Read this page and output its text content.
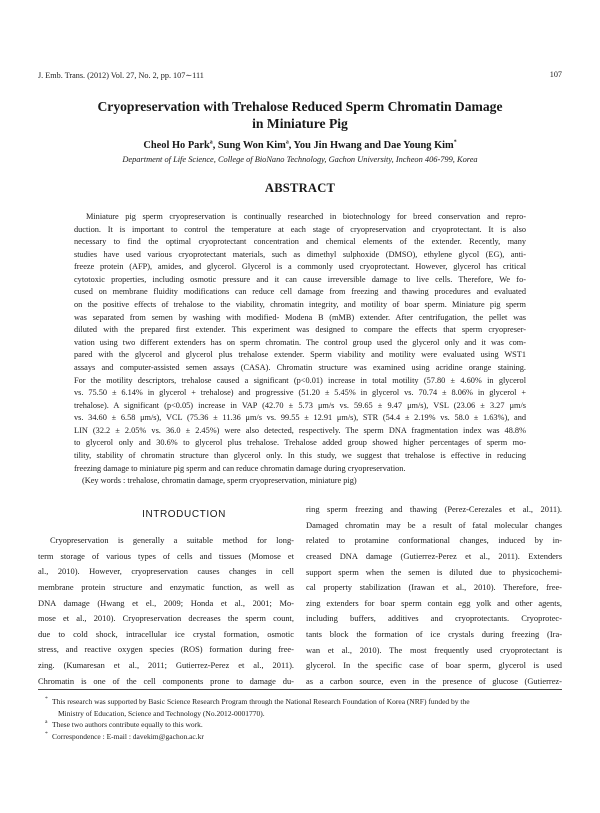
J. Emb. Trans. (2012) Vol. 27, No. 2, pp. 107∼111	107
Cryopreservation with Trehalose Reduced Sperm Chromatin Damage
in Miniature Pig
Cheol Ho Park$^a$, Sung Won Kim$^a$, You Jin Hwang and Dae Young Kim*
Department of Life Science, College of BioNano Technology, Gachon University, Incheon 406-799, Korea
ABSTRACT
Miniature pig sperm cryopreservation is continually researched in biotechnology for breed conservation and repro-
duction. It is important to control the temperature at each stage of cryopreservation and cryoprotectant. It is also
necessary to find the optimal cryoprotectant concentration and chemical elements of the extender. Recently, many
studies have used various cryoprotectant materials, such as dimethyl sulphoxide (DMSO), ethylene glycol (EG), anti-
freeze protein (AFP), amides, and glycerol. Glycerol is a commonly used cryoprotectant. However, glycerol has critical
cytotoxic properties, including osmotic pressure and it can cause irreversible damage to live cells. Therefore, We fo-
cused on membrane fluidity modifications can reduce cell damage from freezing and thawing procedures and evaluated
on the positive effects of trehalose to the viability, chromatin integrity, and motility of boar sperm. Miniature pig sperm
was separated from semen by washing with modified- Modena B (mMB) extender. After centrifugation, the pellet was
diluted with the prepared first extender. This experiment was designed to compare the effects that sperm cryopreser-
vation using two different extenders has on sperm chromatin. The control group used the glycerol only and it was com-
pared with the glycerol and glycerol plus trehalose extender. Sperm viability and motility were evaluated using WST1
assays and computer-assisted semen assays (CASA). Chromatin structure was examined using acridine orange staining.
For the motility descriptors, trehalose caused a significant (p<0.01) increase in total motility (57.80 ± 4.60% in glycerol
vs. 75.50 ± 6.14% in glycerol + trehalose) and progressive (51.20 ± 5.45% in glycerol vs. 70.74 ± 8.06% in glycerol +
trehalose). A significant (p<0.05) increase in VAP (42.70 ± 5.73 μm/s vs. 59.65 ± 9.47 μm/s), VSL (23.06 ± 3.27 μm/s
vs. 34.60 ± 6.58 μm/s), VCL (75.36 ± 11.36 μm/s vs. 99.55 ± 12.91 μm/s), STR (54.4 ± 2.19% vs. 58.0 ± 1.63%), and
LIN (32.2 ± 2.05% vs. 36.0 ± 2.45%) were also detected, respectively. The sperm DNA fragmentation index was 48.8%
to glycerol only and 30.6% to glycerol plus trehalose. Trehalose added group showed higher percentages of sperm mo-
tility, stability of chromatin structure than glycerol only. In this study, we suggest that trehalose is effective in reducing
freezing damage to miniature pig sperm and can reduce chromatin damage during cryopreservation.
(Key words : trehalose, chromatin damage, sperm cryopreservation, miniature pig)
INTRODUCTION
Cryopreservation is generally a suitable method for long-
term storage of various types of cells and tissues (Momose et
al., 2010). However, cryopreservation causes changes in cell
membrane protein structure and enzymatic function, as well as
DNA damage (Hwang et el., 2009; Honda et al., 2001; Mo-
mose et al., 2010). Cryopreservation decreases the sperm count,
due to cold shock, intracellular ice crystal formation, osmotic
stress, and reactive oxygen species (ROS) formation during free-
zing. (Kumaresan et al., 2011; Gutierrez-Perez et al., 2011).
Chromatin is one of the cell components prone to damage du-
ring sperm freezing and thawing (Perez-Cerezales et al., 2011).
Damaged chromatin may be a result of fatal molecular changes
related to protamine conformational changes, induced by in-
creased DNA damage (Gutierrez-Perez et al., 2011). Extenders
support sperm when the semen is diluted due to physicochemi-
cal property stabilization (Irawan et al., 2010). Therefore, free-
zing extenders for boar sperm contain egg yolk and other agents,
including buffers, additives and cryoprotectants. Cryoprotec-
tants block the formation of ice crystals during freezing (Ira-
wan et al., 2010). The most frequently used cryoprotectant is
glycerol. In the specific case of boar sperm, glycerol is used
as a carbon source, even in the presence of glucose (Gutierrez-
* This research was supported by Basic Science Research Program through the National Research Foundation of Korea (NRF) funded by the
Ministry of Education, Science and Technology (No.2012-0001770).
a These two authors contribute equally to this work.
* Correspondence : E-mail : davekim@gachon.ac.kr
